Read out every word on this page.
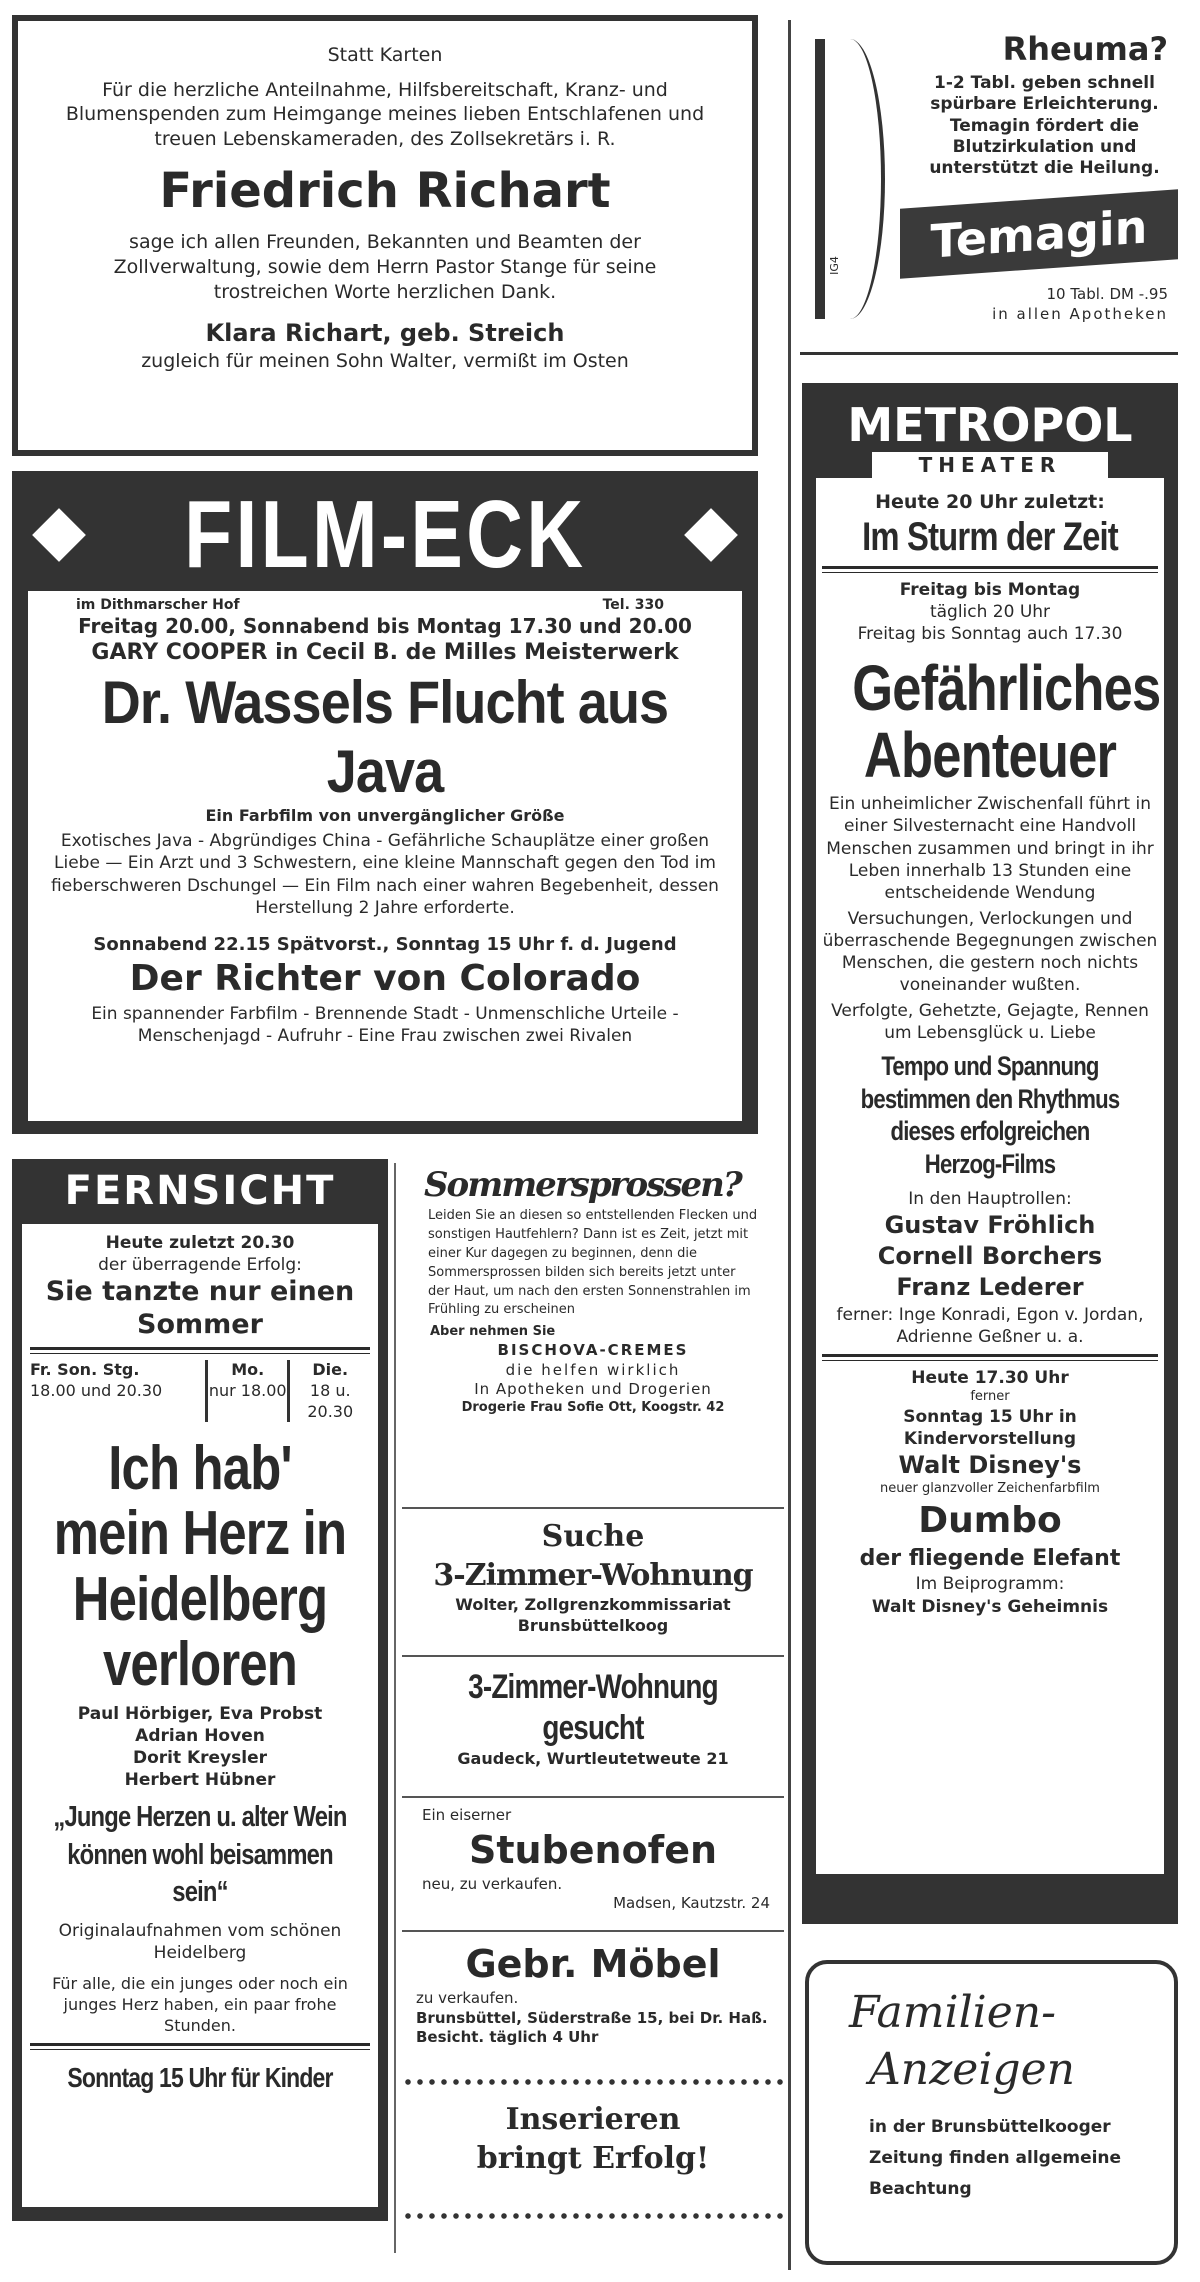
Statt Karten

Für die herzliche Anteilnahme, Hilfsbereitschaft, Kranz- und Blumenspenden zum Heimgange meines lieben Entschlafenen und treuen Lebenskameraden, des Zollsekretärs i. R.

Friedrich Richart

sage ich allen Freunden, Bekannten und Beamten der Zollverwaltung, sowie dem Herrn Pastor Stange für seine trostreichen Worte herzlichen Dank.

Klara Richart, geb. Streich

zugleich für meinen Sohn Walter, vermißt im Osten

IG4

Rheuma?

1-2 Tabl. geben schnell spürbare Erleichterung. Temagin fördert die Blutzirkulation und unterstützt die Heilung.

Temagin

10 Tabl. DM -.95

in allen Apotheken

FILM-ECK
im Dithmarscher Hof	Tel. 330

Freitag 20.00, Sonnabend bis Montag 17.30 und 20.00

GARY COOPER in Cecil B. de Milles Meisterwerk

Dr. Wassels Flucht aus Java

Ein Farbfilm von unvergänglicher Größe

Exotisches Java - Abgründiges China - Gefährliche Schauplätze einer großen Liebe — Ein Arzt und 3 Schwestern, eine kleine Mannschaft gegen den Tod im fieberschweren Dschungel — Ein Film nach einer wahren Begebenheit, dessen Herstellung 2 Jahre erforderte.

Sonnabend 22.15 Spätvorst., Sonntag 15 Uhr f. d. Jugend

Der Richter von Colorado

Ein spannender Farbfilm - Brennende Stadt - Unmenschliche Urteile - Menschenjagd - Aufruhr - Eine Frau zwischen zwei Rivalen

METROPOL

THEATER

Heute 20 Uhr zuletzt:

Im Sturm der Zeit

Freitag bis Montag

täglich 20 Uhr

Freitag bis Sonntag auch 17.30

Gefährliches
Abenteuer

Ein unheimlicher Zwischenfall führt in einer Silvesternacht eine Handvoll Menschen zusammen und bringt in ihr Leben innerhalb 13 Stunden eine entscheidende Wendung

Versuchungen, Verlockungen und überraschende Begegnungen zwischen Menschen, die gestern noch nichts voneinander wußten.

Verfolgte, Gehetzte, Gejagte, Rennen um Lebensglück u. Liebe

Tempo und Spannung bestimmen den Rhythmus dieses erfolgreichen Herzog-Films

In den Hauptrollen:

Gustav Fröhlich

Cornell Borchers

Franz Lederer

ferner: Inge Konradi, Egon v. Jordan, Adrienne Geßner u. a.

Heute 17.30 Uhr

ferner

Sonntag 15 Uhr in Kindervorstellung

Walt Disney's

neuer glanzvoller Zeichenfarbfilm

Dumbo

der fliegende Elefant

Im Beiprogramm:

Walt Disney's Geheimnis

Familien-

Anzeigen

in der Brunsbüttelkooger Zeitung finden allgemeine Beachtung

FERNSICHT

Heute zuletzt 20.30

der überragende Erfolg:

Sie tanzte nur einen Sommer

Fr. Son. Stg.

18.00 und 20.30

Mo.

nur 18.00

Die.

18 u. 20.30

Ich hab' mein Herz in Heidelberg verloren

Paul Hörbiger, Eva Probst

Adrian Hoven

Dorit Kreysler

Herbert Hübner

„Junge Herzen u. alter Wein können wohl beisammen sein“

Originalaufnahmen vom schönen Heidelberg

Für alle, die ein junges oder noch ein junges Herz haben, ein paar frohe Stunden.

Sonntag 15 Uhr für Kinder

Sommersprossen?

Leiden Sie an diesen so entstellenden Flecken und sonstigen Hautfehlern? Dann ist es Zeit, jetzt mit einer Kur dagegen zu beginnen, denn die Sommersprossen bilden sich bereits jetzt unter der Haut, um nach den ersten Sonnenstrahlen im Frühling zu erscheinen

Aber nehmen Sie

BISCHOVA-CREMES

die helfen wirklich

In Apotheken und Drogerien

Drogerie Frau Sofie Ott, Koogstr. 42

Suche

3-Zimmer-Wohnung

Wolter, Zollgrenzkommissariat Brunsbüttelkoog

3-Zimmer-Wohnung gesucht

Gaudeck, Wurtleutetweute 21

Ein eiserner

Stubenofen

neu, zu verkaufen.

Madsen, Kautzstr. 24

Gebr. Möbel

zu verkaufen.

Brunsbüttel, Süderstraße 15, bei Dr. Haß. Besicht. täglich 4 Uhr

Inserieren

bringt Erfolg!
